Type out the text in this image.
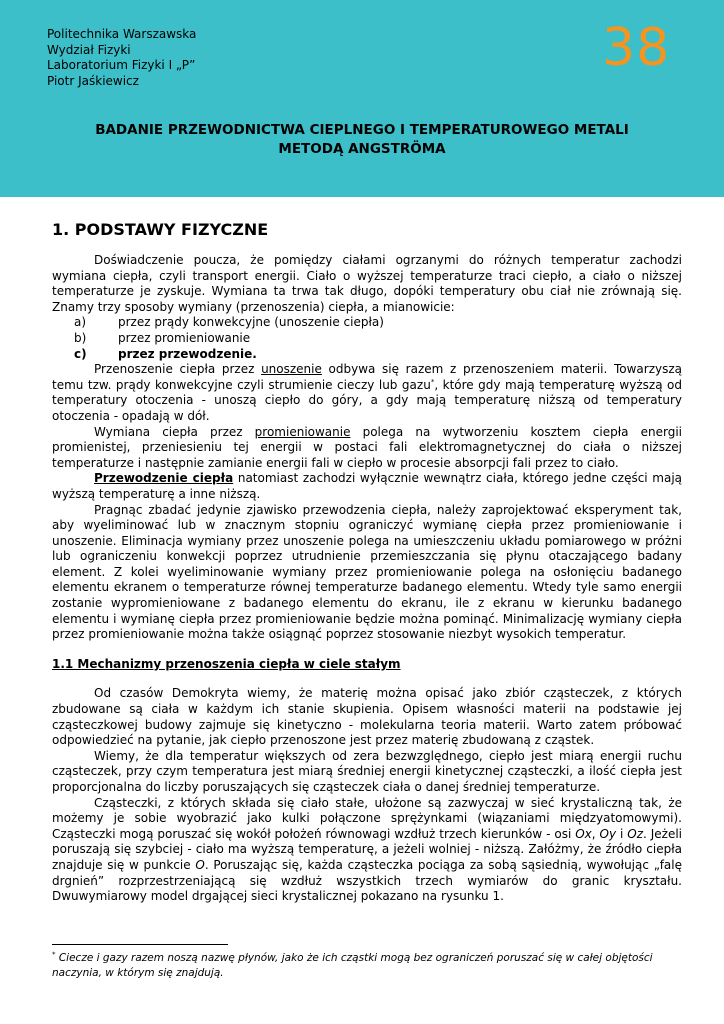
Politechnika Warszawska
Wydział Fizyki
Laboratorium Fizyki I „P”
Piotr Jaśkiewicz
38
BADANIE PRZEWODNICTWA CIEPLNEGO I TEMPERATUROWEGO METALI
METODĄ ANGSTRÖMA
1. PODSTAWY FIZYCZNE

Doświadczenie poucza, że pomiędzy ciałami ogrzanymi do różnych temperatur zachodzi wymiana ciepła, czyli transport energii. Ciało o wyższej temperaturze traci ciepło, a ciało o niższej temperaturze je zyskuje. Wymiana ta trwa tak długo, dopóki temperatury obu ciał nie zrównają się. Znamy trzy sposoby wymiany (przenoszenia) ciepła, a mianowicie:

a)	przez prądy konwekcyjne (unoszenie ciepła)
b)	przez promieniowanie
c)	przez przewodzenie.

Przenoszenie ciepła przez unoszenie odbywa się razem z przenoszeniem materii. Towarzyszą temu tzw. prądy konwekcyjne czyli strumienie cieczy lub gazu*, które gdy mają temperaturę wyższą od temperatury otoczenia - unoszą ciepło do góry, a gdy mają temperaturę niższą od temperatury otoczenia - opadają w dół.

Wymiana ciepła przez promieniowanie polega na wytworzeniu kosztem ciepła energii promienistej, przeniesieniu tej energii w postaci fali elektromagnetycznej do ciała o niższej temperaturze i następnie zamianie energii fali w ciepło w procesie absorpcji fali przez to ciało.

Przewodzenie ciepła natomiast zachodzi wyłącznie wewnątrz ciała, którego jedne części mają wyższą temperaturę a inne niższą.

Pragnąc zbadać jedynie zjawisko przewodzenia ciepła, należy zaprojektować eksperyment tak, aby wyeliminować lub w znacznym stopniu ograniczyć wymianę ciepła przez promieniowanie i unoszenie. Eliminacja wymiany przez unoszenie polega na umieszczeniu układu pomiarowego w próżni lub ograniczeniu konwekcji poprzez utrudnienie przemieszczania się płynu otaczającego badany element. Z kolei wyeliminowanie wymiany przez promieniowanie polega na osłonięciu badanego elementu ekranem o temperaturze równej temperaturze badanego elementu. Wtedy tyle samo energii zostanie wypromieniowane z badanego elementu do ekranu, ile z ekranu w kierunku badanego elementu i wymianę ciepła przez promieniowanie będzie można pominąć. Minimalizację wymiany ciepła przez promieniowanie można także osiągnąć poprzez stosowanie niezbyt wysokich temperatur.

1.1 Mechanizmy przenoszenia ciepła w ciele stałym

Od czasów Demokryta wiemy, że materię można opisać jako zbiór cząsteczek, z których zbudowane są ciała w każdym ich stanie skupienia. Opisem własności materii na podstawie jej cząsteczkowej budowy zajmuje się kinetyczno - molekularna teoria materii. Warto zatem próbować odpowiedzieć na pytanie, jak ciepło przenoszone jest przez materię zbudowaną z cząstek.

Wiemy, że dla temperatur większych od zera bezwzględnego, ciepło jest miarą energii ruchu cząsteczek, przy czym temperatura jest miarą średniej energii kinetycznej cząsteczki, a ilość ciepła jest proporcjonalna do liczby poruszających się cząsteczek ciała o danej średniej temperaturze.

Cząsteczki, z których składa się ciało stałe, ułożone są zazwyczaj w sieć krystaliczną tak, że możemy je sobie wyobrazić jako kulki połączone sprężynkami (wiązaniami międzyatomowymi). Cząsteczki mogą poruszać się wokół położeń równowagi wzdłuż trzech kierunków - osi Ox, Oy i Oz. Jeżeli poruszają się szybciej - ciało ma wyższą temperaturę, a jeżeli wolniej - niższą. Załóżmy, że źródło ciepła znajduje się w punkcie O. Poruszając się, każda cząsteczka pociąga za sobą sąsiednią, wywołując „falę drgnień” rozprzestrzeniającą się wzdłuż wszystkich trzech wymiarów do granic kryształu. Dwuwymiarowy model drgającej sieci krystalicznej pokazano na rysunku 1.

* Ciecze i gazy razem noszą nazwę płynów, jako że ich cząstki mogą bez ograniczeń poruszać się w całej objętości naczynia, w którym się znajdują.
